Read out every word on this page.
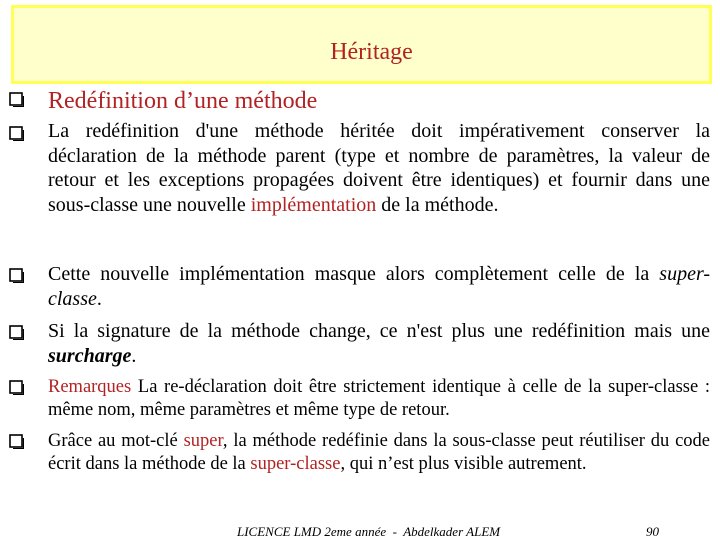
Héritage

Redéfinition d’une méthode

La redéfinition d'une méthode héritée doit impérativement conserver la déclaration de la méthode parent (type et nombre de paramètres, la valeur de retour et les exceptions propagées doivent être identiques) et fournir dans une sous-classe une nouvelle implémentation de la méthode.

Cette nouvelle implémentation masque alors complètement celle de la super-classe.

Si la signature de la méthode change, ce n'est plus une redéfinition mais une surcharge.

Remarques La re-déclaration doit être strictement identique à celle de la super-classe : même nom, même paramètres et même type de retour.

Grâce au mot-clé super, la méthode redéfinie dans la sous-classe peut réutiliser du code écrit dans la méthode de la super-classe, qui n’est plus visible autrement.

LICENCE LMD 2eme année  -  Abdelkader ALEM	90
